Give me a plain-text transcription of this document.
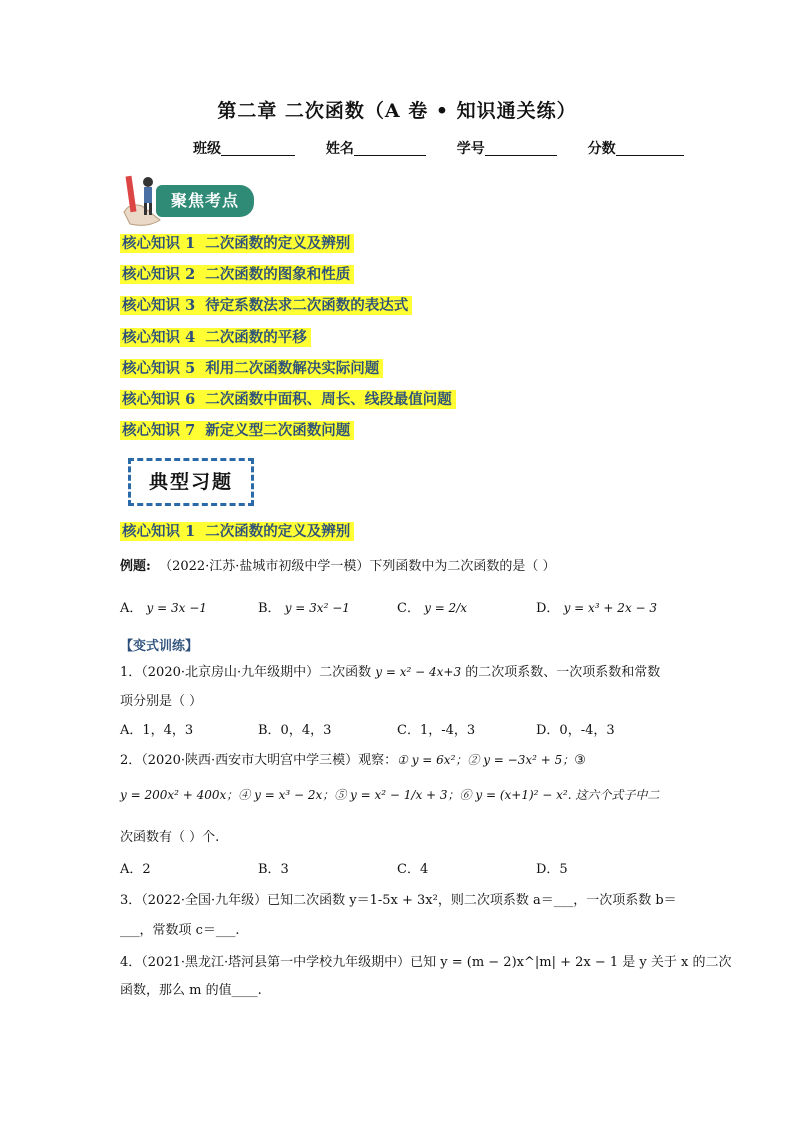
第二章 二次函数（A 卷 • 知识通关练）
班级	姓名	学号	分数
聚焦考点
核心知识 1 二次函数的定义及辨别
核心知识 2 二次函数的图象和性质
核心知识 3 待定系数法求二次函数的表达式
核心知识 4 二次函数的平移
核心知识 5 利用二次函数解决实际问题
核心知识 6 二次函数中面积、周长、线段最值问题
核心知识 7 新定义型二次函数问题
典型习题
核心知识 1 二次函数的定义及辨别
例题: （2022·江苏·盐城市初级中学一模）下列函数中为二次函数的是（ ）
A． y = 3x −1	B． y = 3x² −1	C． y = 2/x	D． y = x³ + 2x − 3
【变式训练】
1．（2020·北京房山·九年级期中）二次函数 y = x² − 4x+3 的二次项系数、一次项系数和常数
项分别是（ ）
A．1，4，3	B．0，4，3	C．1，-4，3	D．0，-4，3
2．（2020·陕西·西安市大明宫中学三模）观察：① y = 6x²；② y = −3x² + 5；③
y = 200x² + 400x；④ y = x³ − 2x；⑤ y = x² − 1/x + 3；⑥ y = (x+1)² − x². 这六个式子中二
次函数有（ ）个.
A．2	B．3	C．4	D．5
3．（2022·全国·九年级）已知二次函数 y＝1-5x + 3x²，则二次项系数 a＝___，一次项系数 b＝
___，常数项 c＝___.
4．（2021·黑龙江·塔河县第一中学校九年级期中）已知 y = (m − 2)x^|m| + 2x − 1 是 y 关于 x 的二次
函数，那么 m 的值____.
